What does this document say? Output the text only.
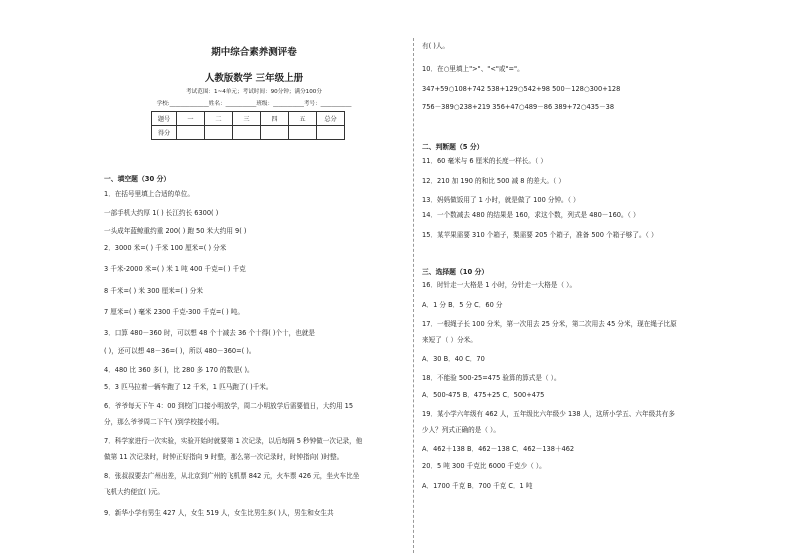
期中综合素养测评卷
人教版数学 三年级上册
考试范围：1~4单元；考试时间：90分钟；满分100分
学校:______________姓名：___________班级：___________考号：___________
题号	一	二	三	四	五	总分
得分						
一、填空题（30 分）
1．在括号里填上合适的单位。
一部手机大约厚 1( ) 长江约长 6300( )
一头成年蓝鲸重约重 200( ) 跑 50 米大约用 9( )
2．3000 米=( ) 千米 100 厘米=( ) 分米
3 千米-2000 米=( ) 米 1 吨 400 千克=( ) 千克
8 千米=( ) 米 300 厘米=( ) 分米
7 厘米=( ) 毫米 2300 千克-300 千克=( ) 吨。
3．口算 480－360 时，可以想 48 个十减去 36 个十得( )个十，也就是
( )，还可以想 48－36=( )，所以 480－360=( )。
4．480 比 360 多( )，比 280 多 170 的数是( )。
5．3 匹马拉着一辆车跑了 12 千米，1 匹马跑了( )千米。
6．爷爷每天下午 4：00 到校门口接小明放学，周二小明放学后需要值日，大约用 15
分，那么爷爷周二下午( )到学校接小明。
7．科学家进行一次实验，实验开始时就要第 1 次记录，以后每隔 5 秒钟做一次记录，他
做第 11 次记录时，时钟正好指向 9 时整，那么第一次记录时，时钟指向( )时整。
8．张叔叔要去广州出差，从北京到广州的飞机票 842 元，火车票 426 元，坐火车比坐
飞机大约便宜( )元。
9．新华小学有男生 427 人，女生 519 人，女生比男生多( )人，男生和女生共
有( )人。
10．在○里填上">"、"<"或"="。
347+59○108+742 538+129○542+98 500－128○300+128
756－389○238+219 356+47○489－86 389+72○435－38
二、判断题（5 分）
11．60 毫米与 6 厘米的长度一样长。（ ）
12．210 加 190 的和比 500 减 8 的差大。（ ）
13．妈妈做饭用了 1 小时，就是做了 100 分钟。（ ）
14．一个数减去 480 的结果是 160，求这个数，列式是 480－160。（ ）
15．某苹果需要 310 个箱子，梨需要 205 个箱子，准备 500 个箱子够了。（ ）
三、选择题（10 分）
16．时针走一大格是 1 小时，分针走一大格是（ ）。
A．1 分 B．5 分 C．60 分
17．一根绳子长 100 分米，第一次用去 25 分米，第二次用去 45 分米，现在绳子比原
来短了（ ）分米。
A．30 B．40 C．70
18．不能验 500-25=475 验算的算式是（ ）。
A．500-475 B．475+25 C．500+475
19．某小学六年级有 462 人，五年级比六年级少 138 人，这所小学五、六年级共有多
少人？列式正确的是（ ）。
A．462＋138 B．462－138 C．462－138＋462
20．5 吨 300 千克比 6000 千克少（ ）。
A．1700 千克 B．700 千克 C．1 吨
